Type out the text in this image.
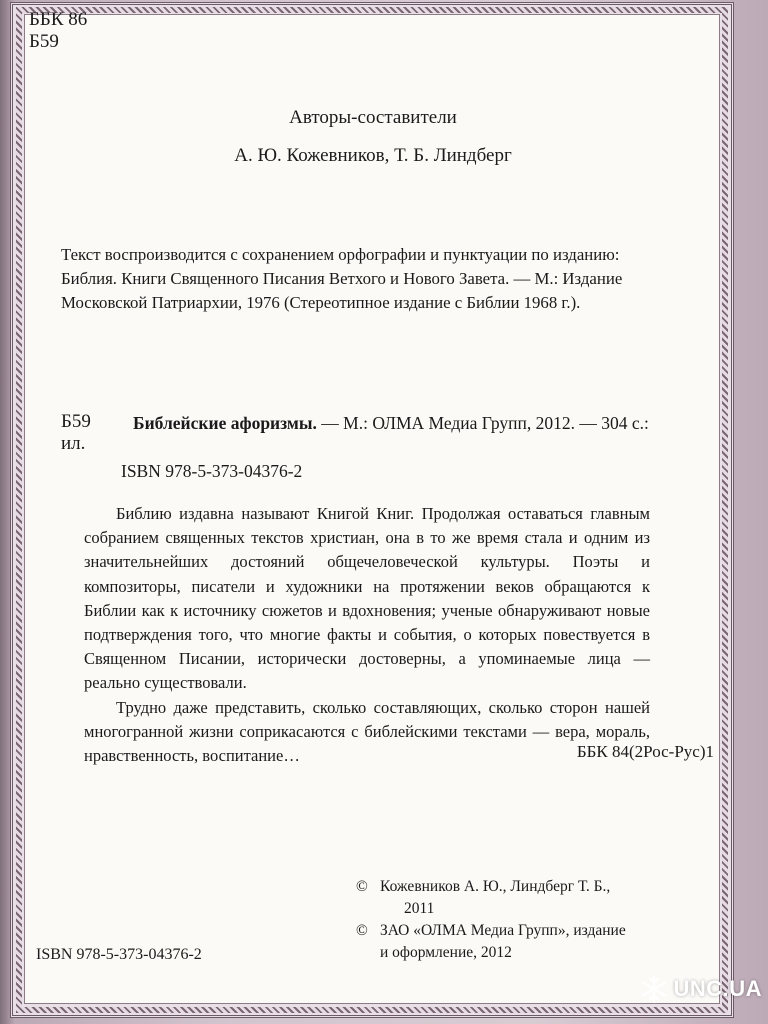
ББК 86
Б59
Авторы-составители
А. Ю. Кожевников, Т. Б. Линдберг
Текст воспроизводится с сохранением орфографии и пунктуации по изданию:
Библия. Книги Священного Писания Ветхого и Нового Завета. — М.: Издание
Московской Патриархии, 1976 (Стереотипное издание с Библии 1968 г.).
Б59
ил.
Библейские афоризмы. — М.: ОЛМА Медиа Групп, 2012. — 304 с.:
ISBN 978-5-373-04376-2

Библию издавна называют Книгой Книг. Продолжая оставаться главным собранием священных текстов христиан, она в то же время стала и одним из значительнейших достояний общечеловеческой культуры. Поэты и композиторы, писатели и художники на протяжении веков обращаются к Библии как к источнику сюжетов и вдохновения; ученые обнаруживают новые подтверждения того, что многие факты и события, о которых повествуется в Священном Писании, исторически достоверны, а упоминаемые лица — реально существовали.

Трудно даже представить, сколько составляющих, сколько сторон нашей многогранной жизни соприкасаются с библейскими текстами — вера, мораль, нравственность, воспитание…	ББК 84(2Рос-Рус)1
© Кожевников А. Ю., Линдберг Т. Б.,
2011
© ЗАО «ОЛМА Медиа Групп», издание
и оформление, 2012
ISBN 978-5-373-04376-2
UNC.UA
